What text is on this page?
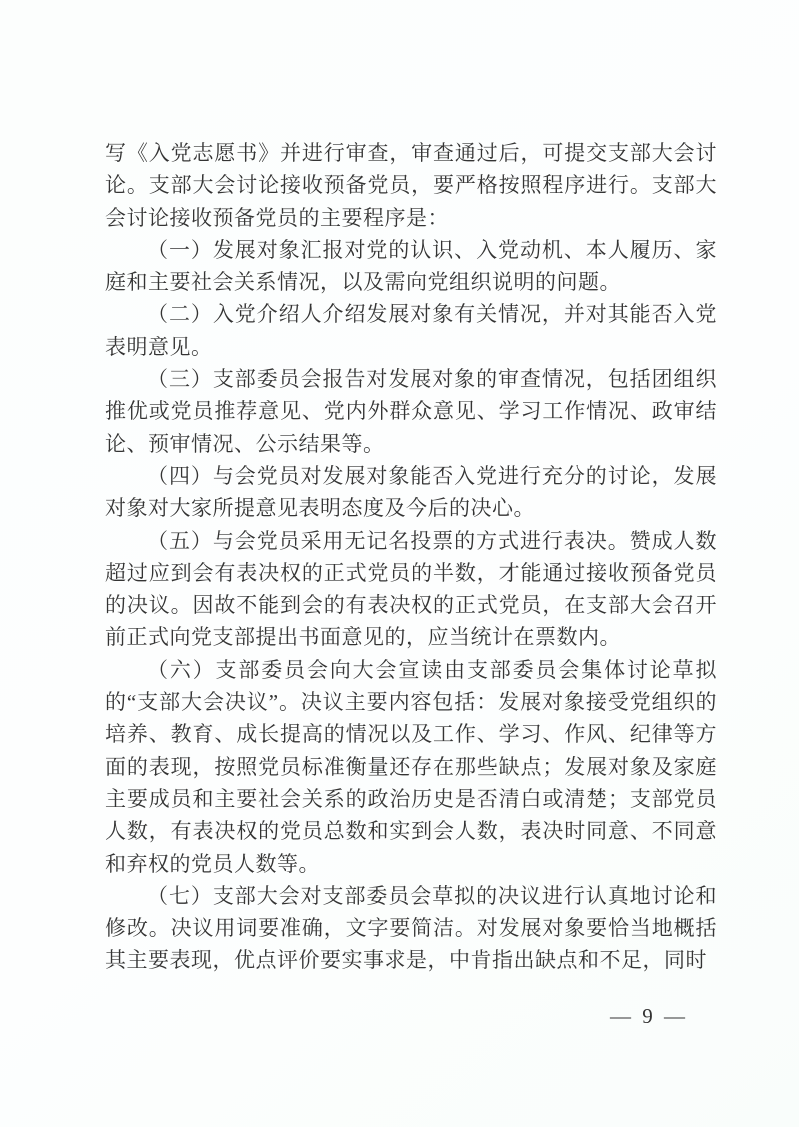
写《入党志愿书》并进行审查，审查通过后，可提交支部大会讨论。支部大会讨论接收预备党员，要严格按照程序进行。支部大会讨论接收预备党员的主要程序是：

（一）发展对象汇报对党的认识、入党动机、本人履历、家庭和主要社会关系情况，以及需向党组织说明的问题。

（二）入党介绍人介绍发展对象有关情况，并对其能否入党表明意见。

（三）支部委员会报告对发展对象的审查情况，包括团组织推优或党员推荐意见、党内外群众意见、学习工作情况、政审结论、预审情况、公示结果等。

（四）与会党员对发展对象能否入党进行充分的讨论，发展对象对大家所提意见表明态度及今后的决心。

（五）与会党员采用无记名投票的方式进行表决。赞成人数超过应到会有表决权的正式党员的半数，才能通过接收预备党员的决议。因故不能到会的有表决权的正式党员，在支部大会召开前正式向党支部提出书面意见的，应当统计在票数内。

（六）支部委员会向大会宣读由支部委员会集体讨论草拟的“支部大会决议”。决议主要内容包括：发展对象接受党组织的培养、教育、成长提高的情况以及工作、学习、作风、纪律等方面的表现，按照党员标准衡量还存在那些缺点；发展对象及家庭主要成员和主要社会关系的政治历史是否清白或清楚；支部党员人数，有表决权的党员总数和实到会人数，表决时同意、不同意和弃权的党员人数等。

（七）支部大会对支部委员会草拟的决议进行认真地讨论和修改。决议用词要准确，文字要简洁。对发展对象要恰当地概括其主要表现，优点评价要实事求是，中肯指出缺点和不足，同时

— 9 —
